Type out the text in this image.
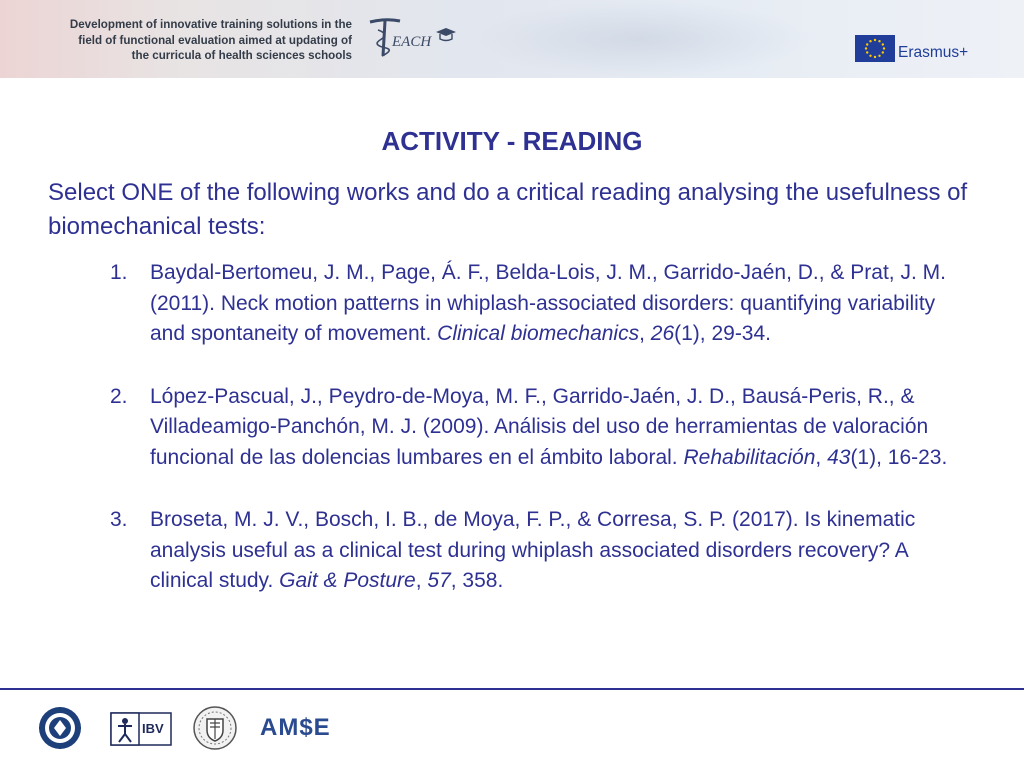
Development of innovative training solutions in the
field of functional evaluation aimed at updating of
the curricula of health sciences schools
EACH
Erasmus+
ACTIVITY - READING
Select ONE of the following works and do a critical reading analysing the usefulness of biomechanical tests:
1. Baydal-Bertomeu, J. M., Page, Á. F., Belda-Lois, J. M., Garrido-Jaén, D., & Prat, J. M. (2011). Neck motion patterns in whiplash-associated disorders: quantifying variability and spontaneity of movement. Clinical biomechanics, 26(1), 29-34.
2. López-Pascual, J., Peydro-de-Moya, M. F., Garrido-Jaén, J. D., Bausá-Peris, R., & Villadeamigo-Panchón, M. J. (2009). Análisis del uso de herramientas de valoración funcional de las dolencias lumbares en el ámbito laboral. Rehabilitación, 43(1), 16-23.
3. Broseta, M. J. V., Bosch, I. B., de Moya, F. P., & Corresa, S. P. (2017). Is kinematic analysis useful as a clinical test during whiplash associated disorders recovery? A clinical study. Gait & Posture, 57, 358.
IBV	AM$E
